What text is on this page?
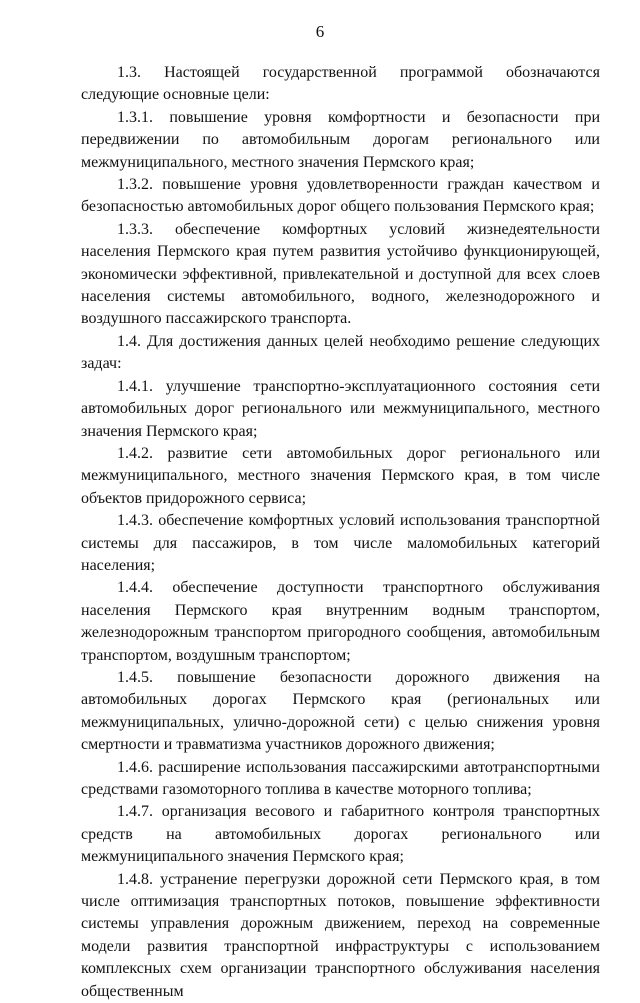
6

1.3. Настоящей государственной программой обозначаются следующие основные цели:

1.3.1. повышение уровня комфортности и безопасности при передвижении по автомобильным дорогам регионального или межмуниципального, местного значения Пермского края;

1.3.2. повышение уровня удовлетворенности граждан качеством и безопасностью автомобильных дорог общего пользования Пермского края;

1.3.3. обеспечение комфортных условий жизнедеятельности населения Пермского края путем развития устойчиво функционирующей, экономически эффективной, привлекательной и доступной для всех слоев населения системы автомобильного, водного, железнодорожного и воздушного пассажирского транспорта.

1.4. Для достижения данных целей необходимо решение следующих задач:

1.4.1. улучшение транспортно-эксплуатационного состояния сети автомобильных дорог регионального или межмуниципального, местного значения Пермского края;

1.4.2. развитие сети автомобильных дорог регионального или межмуниципального, местного значения Пермского края, в том числе объектов придорожного сервиса;

1.4.3. обеспечение комфортных условий использования транспортной системы для пассажиров, в том числе маломобильных категорий населения;

1.4.4. обеспечение доступности транспортного обслуживания населения Пермского края внутренним водным транспортом, железнодорожным транспортом пригородного сообщения, автомобильным транспортом, воздушным транспортом;

1.4.5. повышение безопасности дорожного движения на автомобильных дорогах Пермского края (региональных или межмуниципальных, улично-дорожной сети) с целью снижения уровня смертности и травматизма участников дорожного движения;

1.4.6. расширение использования пассажирскими автотранспортными средствами газомоторного топлива в качестве моторного топлива;

1.4.7. организация весового и габаритного контроля транспортных средств на автомобильных дорогах регионального или межмуниципального значения Пермского края;

1.4.8. устранение перегрузки дорожной сети Пермского края, в том числе оптимизация транспортных потоков, повышение эффективности системы управления дорожным движением, переход на современные модели развития транспортной инфраструктуры с использованием комплексных схем организации транспортного обслуживания населения общественным
